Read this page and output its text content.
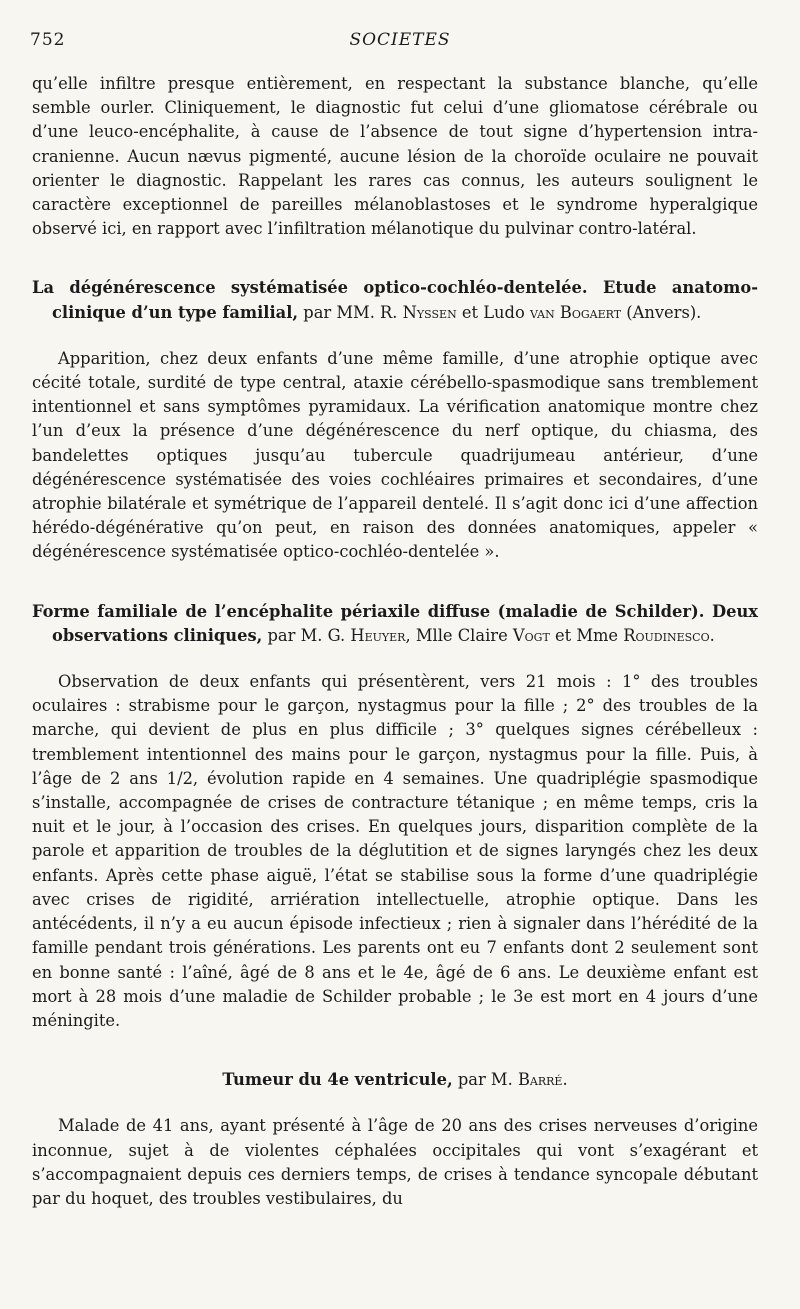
752	SOCIETES

qu’elle infiltre presque entièrement, en respectant la substance blanche, qu’elle semble ourler. Cliniquement, le diagnostic fut celui d’une gliomatose cérébrale ou d’une leuco-encéphalite, à cause de l’absence de tout signe d’hypertension intra-cranienne. Aucun nævus pigmenté, aucune lésion de la choroïde oculaire ne pouvait orienter le diagnostic. Rappelant les rares cas connus, les auteurs soulignent le caractère exceptionnel de pareilles mélanoblastoses et le syndrome hyperalgique observé ici, en rapport avec l’infiltration mélanotique du pulvinar contro-latéral.

La dégénérescence systématisée optico-cochléo-dentelée. Etude anatomo-clinique d’un type familial, par MM. R. Nyssen et Ludo van Bogaert (Anvers).

Apparition, chez deux enfants d’une même famille, d’une atrophie optique avec cécité totale, surdité de type central, ataxie cérébello-spasmodique sans tremblement intentionnel et sans symptômes pyramidaux. La vérification anatomique montre chez l’un d’eux la présence d’une dégénérescence du nerf optique, du chiasma, des bandelettes optiques jusqu’au tubercule quadrijumeau antérieur, d’une dégénérescence systématisée des voies cochléaires primaires et secondaires, d’une atrophie bilatérale et symétrique de l’appareil dentelé. Il s’agit donc ici d’une affection hérédo-dégénérative qu’on peut, en raison des données anatomiques, appeler « dégénérescence systématisée optico-cochléo-dentelée ».

Forme familiale de l’encéphalite périaxile diffuse (maladie de Schilder). Deux observations cliniques, par M. G. Heuyer, Mlle Claire Vogt et Mme Roudinesco.

Observation de deux enfants qui présentèrent, vers 21 mois : 1° des troubles oculaires : strabisme pour le garçon, nystagmus pour la fille ; 2° des troubles de la marche, qui devient de plus en plus difficile ; 3° quelques signes cérébelleux : tremblement intentionnel des mains pour le garçon, nystagmus pour la fille. Puis, à l’âge de 2 ans 1/2, évolution rapide en 4 semaines. Une quadriplégie spasmodique s’installe, accompagnée de crises de contracture tétanique ; en même temps, cris la nuit et le jour, à l’occasion des crises. En quelques jours, disparition complète de la parole et apparition de troubles de la déglutition et de signes laryngés chez les deux enfants. Après cette phase aiguë, l’état se stabilise sous la forme d’une quadriplégie avec crises de rigidité, arriération intellectuelle, atrophie optique. Dans les antécédents, il n’y a eu aucun épisode infectieux ; rien à signaler dans l’hérédité de la famille pendant trois générations. Les parents ont eu 7 enfants dont 2 seulement sont en bonne santé : l’aîné, âgé de 8 ans et le 4e, âgé de 6 ans. Le deuxième enfant est mort à 28 mois d’une maladie de Schilder probable ; le 3e est mort en 4 jours d’une méningite.

Tumeur du 4e ventricule, par M. Barré.

Malade de 41 ans, ayant présenté à l’âge de 20 ans des crises nerveuses d’origine inconnue, sujet à de violentes céphalées occipitales qui vont s’exagérant et s’accompagnaient depuis ces derniers temps, de crises à tendance syncopale débutant par du hoquet, des troubles vestibulaires, du
